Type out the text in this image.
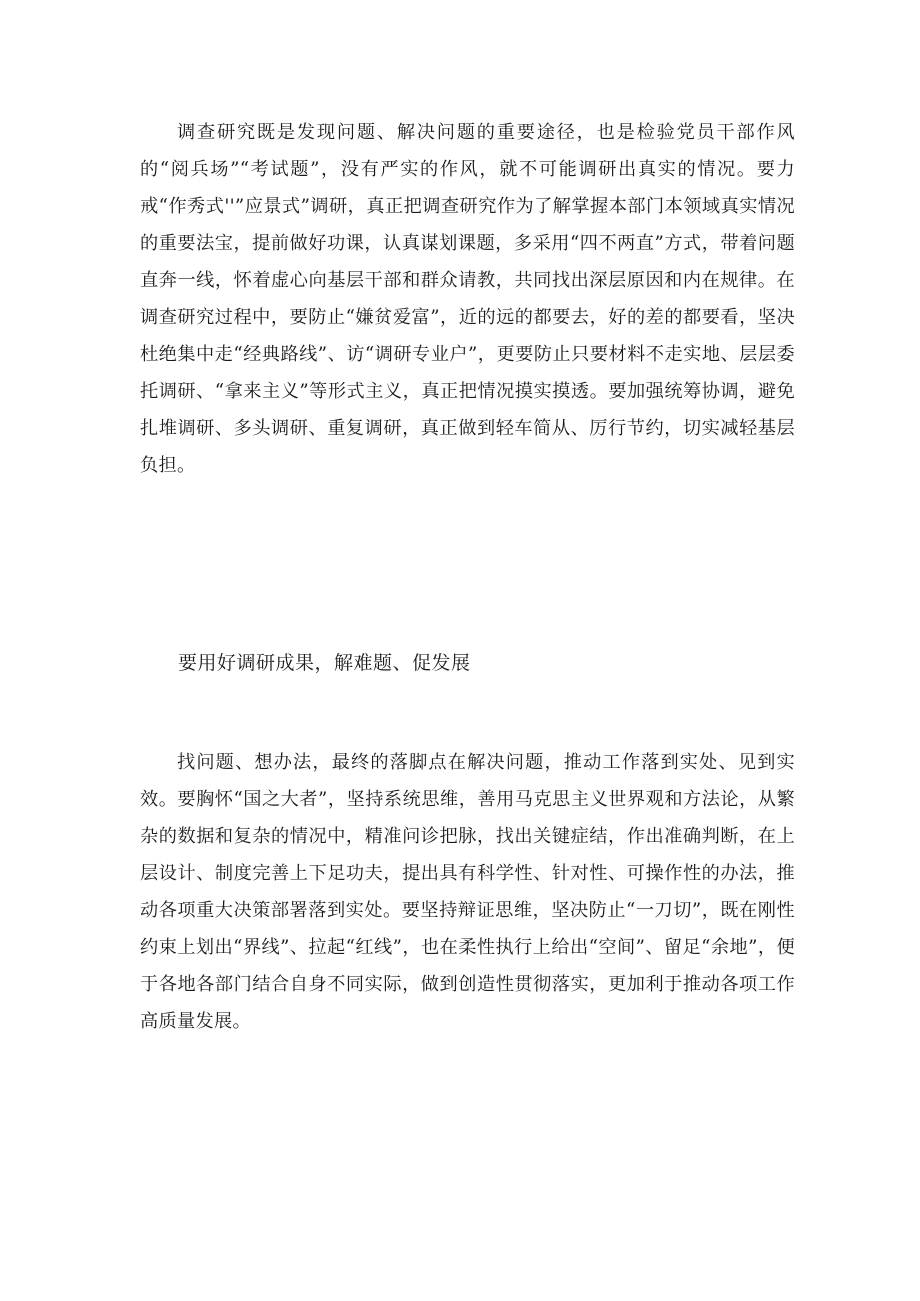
调查研究既是发现问题、解决问题的重要途径，也是检验党员干部作风的“阅兵场”“考试题”，没有严实的作风，就不可能调研出真实的情况。要力戒“作秀式''”应景式”调研，真正把调查研究作为了解掌握本部门本领域真实情况的重要法宝，提前做好功课，认真谋划课题，多采用“四不两直”方式，带着问题直奔一线，怀着虚心向基层干部和群众请教，共同找出深层原因和内在规律。在调查研究过程中，要防止“嫌贫爱富”，近的远的都要去，好的差的都要看，坚决杜绝集中走“经典路线”、访“调研专业户”，更要防止只要材料不走实地、层层委托调研、“拿来主义”等形式主义，真正把情况摸实摸透。要加强统筹协调，避免扎堆调研、多头调研、重复调研，真正做到轻车简从、厉行节约，切实减轻基层负担。

要用好调研成果，解难题、促发展

找问题、想办法，最终的落脚点在解决问题，推动工作落到实处、见到实效。要胸怀“国之大者”，坚持系统思维，善用马克思主义世界观和方法论，从繁杂的数据和复杂的情况中，精准问诊把脉，找出关键症结，作出准确判断，在上层设计、制度完善上下足功夫，提出具有科学性、针对性、可操作性的办法，推动各项重大决策部署落到实处。要坚持辩证思维，坚决防止“一刀切”，既在刚性约束上划出“界线”、拉起“红线”，也在柔性执行上给出“空间”、留足“余地”，便于各地各部门结合自身不同实际，做到创造性贯彻落实，更加利于推动各项工作高质量发展。
